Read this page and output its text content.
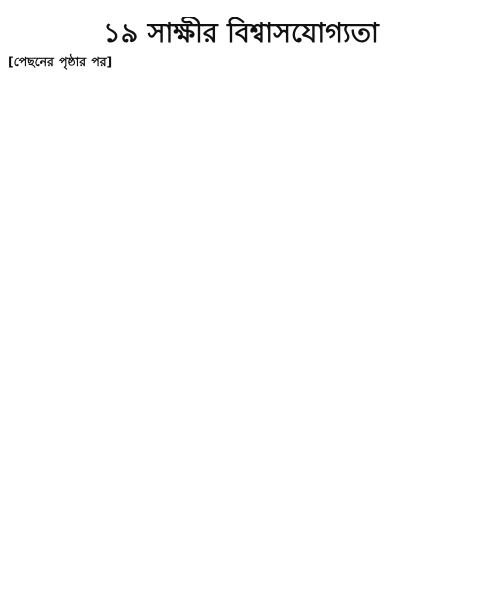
১৯ সাক্ষীর বিশ্বাসযোগ্যতা
[পেছনের পৃষ্ঠার পর]
